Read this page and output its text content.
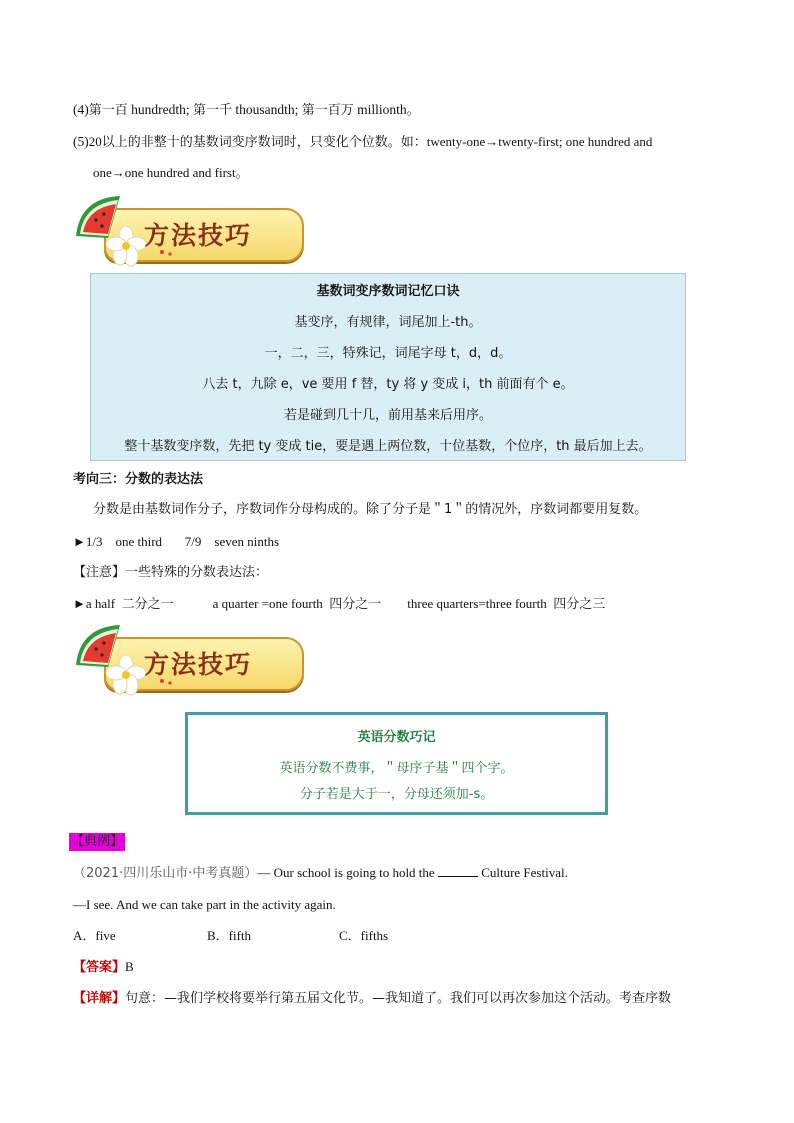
(4)第一百 hundredth; 第一千 thousandth; 第一百万 millionth。
(5)20以上的非整十的基数词变序数词时，只变化个位数。如：twenty-one→twenty-first; one hundred and
one→one hundred and first。
方法技巧
基数词变序数词记忆口诀
基变序，有规律，词尾加上-th。
一，二，三，特殊记，词尾字母 t，d，d。
八去 t，九除 e，ve 要用 f 替，ty 将 y 变成 i，th 前面有个 e。
若是碰到几十几，前用基来后用序。
整十基数变序数，先把 ty 变成 tie，要是遇上两位数，十位基数，个位序，th 最后加上去。
考向三：分数的表达法
分数是由基数词作分子，序数词作分母构成的。除了分子是＂1＂的情况外，序数词都要用复数。
►1/3    one third       7/9    seven ninths
【注意】一些特殊的分数表达法：
►a half  二分之一            a quarter =one fourth  四分之一        three quarters=three fourth  四分之三
方法技巧
英语分数巧记
英语分数不费事，＂母序子基＂四个字。
分子若是大于一，分母还须加-s。
【典例】
（2021·四川乐山市·中考真题）— Our school is going to hold the	Culture Festival.
—I see. And we can take part in the activity again.
A．five	B．fifth	C．fifths
【答案】B
【详解】句意：—我们学校将要举行第五届文化节。—我知道了。我们可以再次参加这个活动。考查序数
